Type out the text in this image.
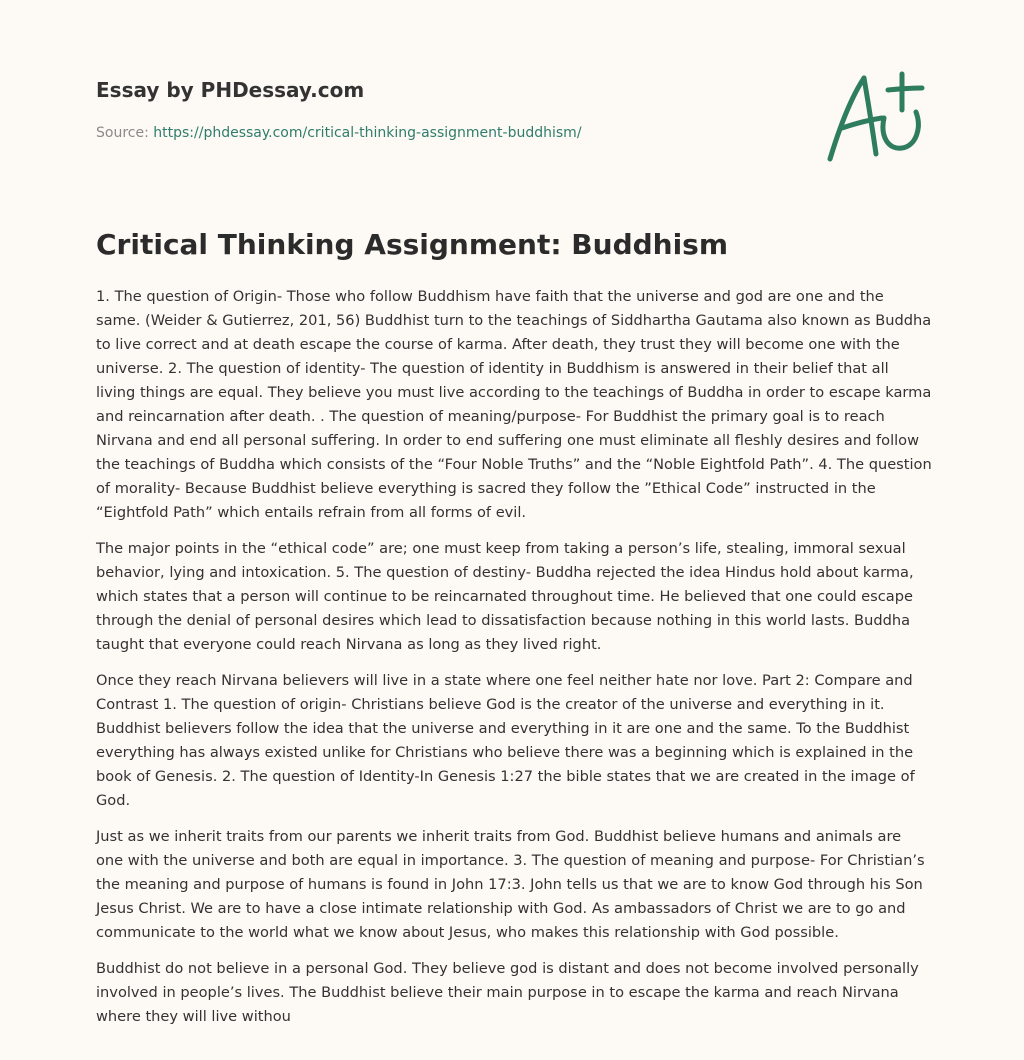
Essay by PHDessay.com
Source: https://phdessay.com/critical-thinking-assignment-buddhism/
Critical Thinking Assignment: Buddhism

1. The question of Origin- Those who follow Buddhism have faith that the universe and god are one and the same. (Weider & Gutierrez, 201, 56) Buddhist turn to the teachings of Siddhartha Gautama also known as Buddha to live correct and at death escape the course of karma. After death, they trust they will become one with the universe. 2. The question of identity- The question of identity in Buddhism is answered in their belief that all living things are equal. They believe you must live according to the teachings of Buddha in order to escape karma and reincarnation after death. . The question of meaning/purpose- For Buddhist the primary goal is to reach Nirvana and end all personal suffering. In order to end suffering one must eliminate all fleshly desires and follow the teachings of Buddha which consists of the “Four Noble Truths” and the “Noble Eightfold Path”. 4. The question of morality- Because Buddhist believe everything is sacred they follow the ”Ethical Code” instructed in the “Eightfold Path” which entails refrain from all forms of evil.

The major points in the “ethical code” are; one must keep from taking a person’s life, stealing, immoral sexual behavior, lying and intoxication. 5. The question of destiny- Buddha rejected the idea Hindus hold about karma, which states that a person will continue to be reincarnated throughout time. He believed that one could escape through the denial of personal desires which lead to dissatisfaction because nothing in this world lasts. Buddha taught that everyone could reach Nirvana as long as they lived right.

Once they reach Nirvana believers will live in a state where one feel neither hate nor love. Part 2: Compare and Contrast 1. The question of origin- Christians believe God is the creator of the universe and everything in it. Buddhist believers follow the idea that the universe and everything in it are one and the same. To the Buddhist everything has always existed unlike for Christians who believe there was a beginning which is explained in the book of Genesis. 2. The question of Identity-In Genesis 1:27 the bible states that we are created in the image of God.

Just as we inherit traits from our parents we inherit traits from God. Buddhist believe humans and animals are one with the universe and both are equal in importance. 3. The question of meaning and purpose- For Christian’s the meaning and purpose of humans is found in John 17:3. John tells us that we are to know God through his Son Jesus Christ. We are to have a close intimate relationship with God. As ambassadors of Christ we are to go and communicate to the world what we know about Jesus, who makes this relationship with God possible.

Buddhist do not believe in a personal God. They believe god is distant and does not become involved personally involved in people’s lives. The Buddhist believe their main purpose in to escape the karma and reach Nirvana where they will live withou
